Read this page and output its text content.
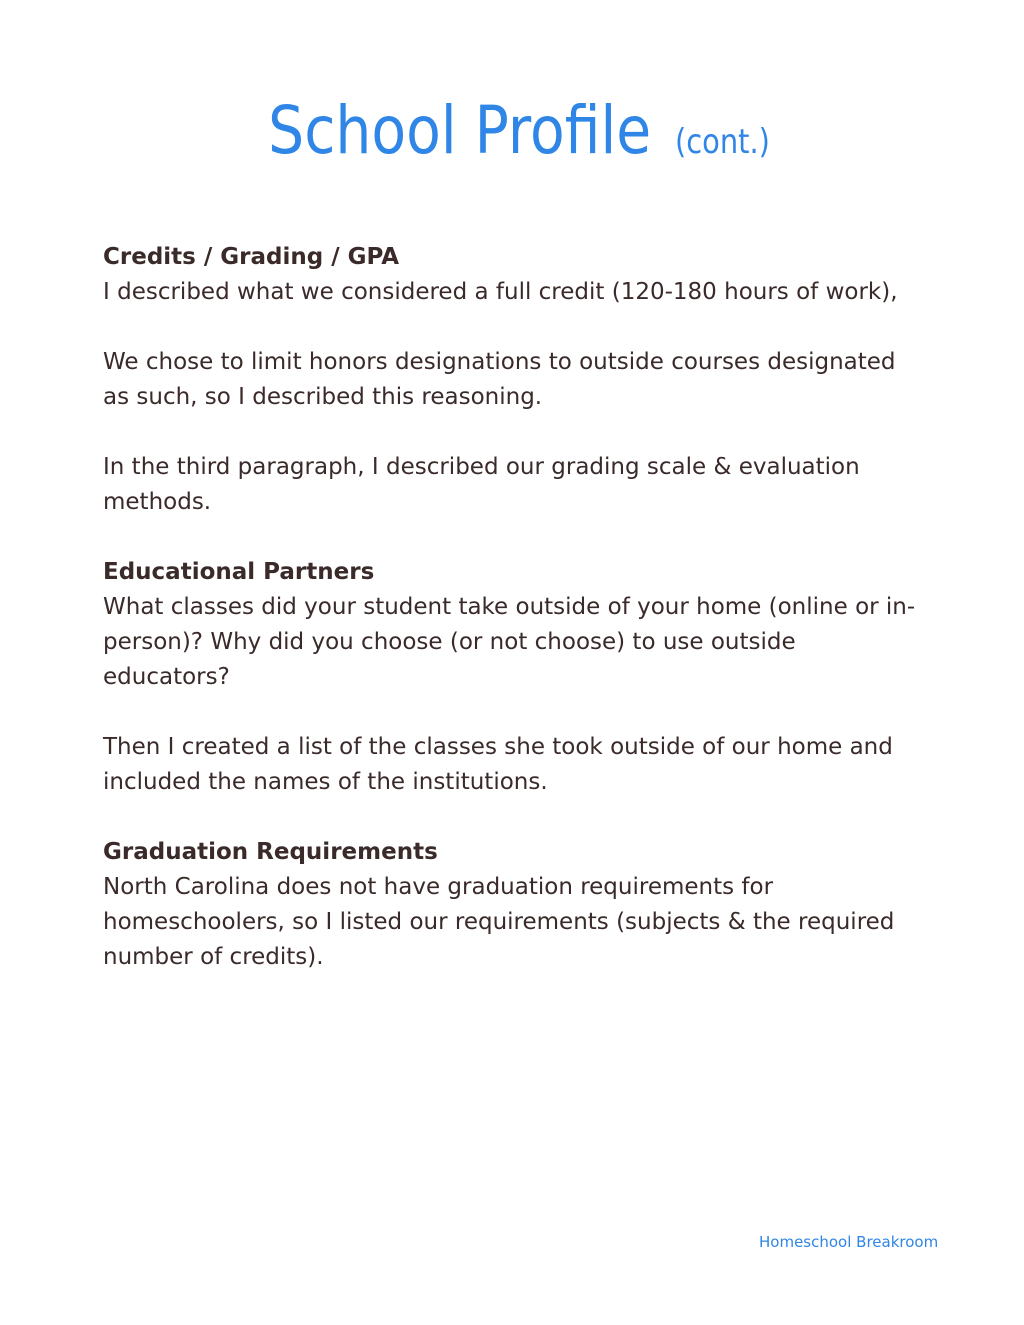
School Profile (cont.)
Credits / Grading / GPA
I described what we considered a full credit (120-180 hours of work),
We chose to limit honors designations to outside courses designated as such, so I described this reasoning.
In the third paragraph, I described our grading scale & evaluation methods.
Educational Partners
What classes did your student take outside of your home (online or in-person)? Why did you choose (or not choose) to use outside educators?
Then I created a list of the classes she took outside of our home and included the names of the institutions.
Graduation Requirements
North Carolina does not have graduation requirements for homeschoolers, so I listed our requirements (subjects & the required number of credits).
Homeschool Breakroom
